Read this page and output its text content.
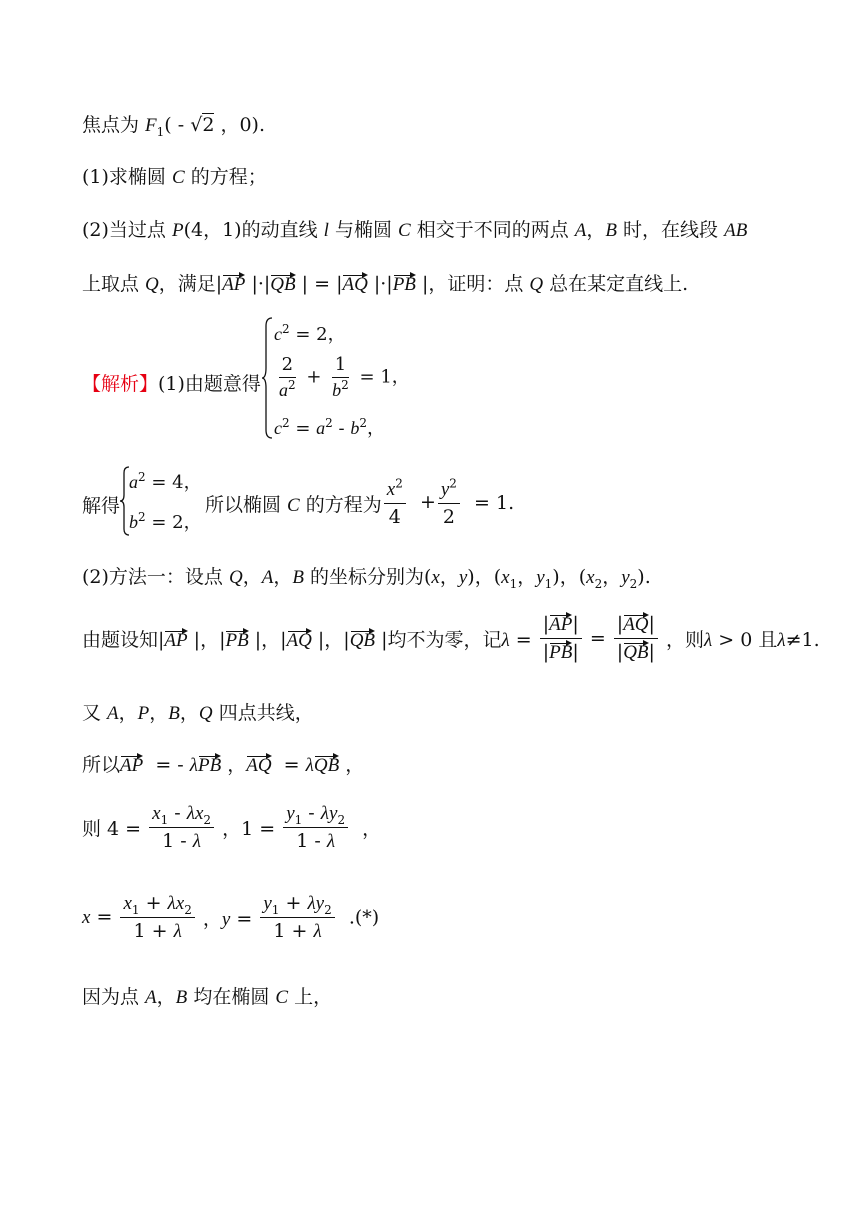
焦点为 $F_1( - √2$ ，0).
(1)求椭圆 C 的方程；
(2)当过点 P(4，1)的动直线 l 与椭圆 C 相交于不同的两点 A，B 时，在线段 AB
上取点 Q，满足|AP |·|QB | = |AQ |·|PB |，证明：点 Q 总在某定直线上.
【解析】(1)由题意得
$c^2 = 2$，
$\frac{2}{a^2} + \frac{1}{b^2} = 1$，
$c^2 = a^2 - b^2$，
解得
$a^2 = 4$，
$b^2 = 2$，
所以椭圆 C 的方程为 $\frac{x^2}{4} + \frac{y^2}{2} = 1$.
(2)方法一：设点 Q，A，B 的坐标分别为(x，y)，($x_1$，$y_1$)，($x_2$，$y_2$).
由题设知|AP |，|PB |，|AQ |，|QB |均不为零，记$\lambda = \frac{|AP|}{|PB|} = \frac{|AQ|}{|QB|}$ ，则λ > 0 且λ≠1.
又 A，P，B，Q 四点共线，
所以AP  = - λPB ，AQ  = λQB ，
则 $4 = \frac{x_1 - \lambda x_2}{1 - \lambda}$ ，$1 = \frac{y_1 - \lambda y_2}{1 - \lambda}$ ，
$x = \frac{x_1 + \lambda x_2}{1 + \lambda}$ ，$y = \frac{y_1 + \lambda y_2}{1 + \lambda}$ .(*)
因为点 A，B 均在椭圆 C 上，
